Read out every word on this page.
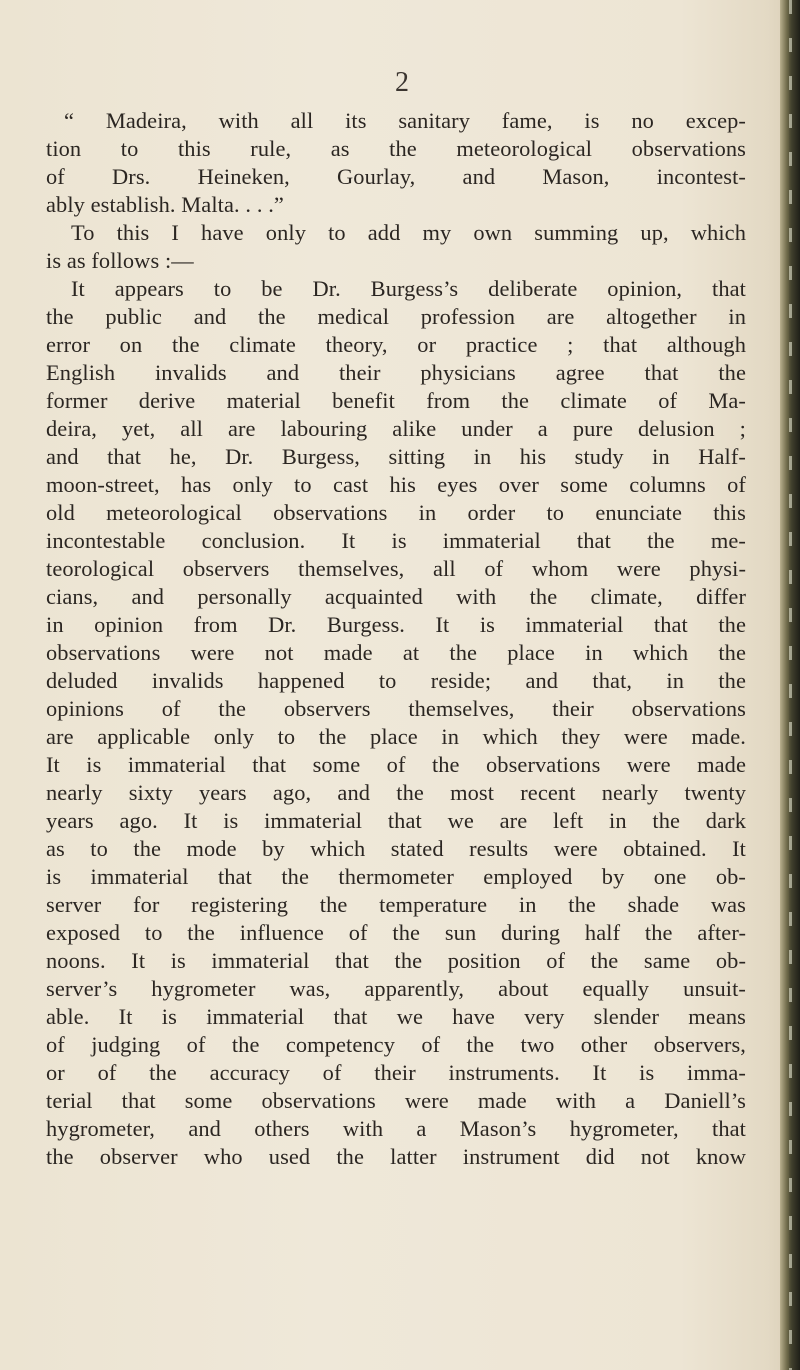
2
“ Madeira, with all its sanitary fame, is no excep-
tion to this rule, as the meteorological observations
of Drs. Heineken, Gourlay, and Mason, incontest-
ably establish. Malta. . . .”
To this I have only to add my own summing up, which
is as follows :—
It appears to be Dr. Burgess’s deliberate opinion, that
the public and the medical profession are altogether in
error on the climate theory, or practice ; that although
English invalids and their physicians agree that the
former derive material benefit from the climate of Ma-
deira, yet, all are labouring alike under a pure delusion ;
and that he, Dr. Burgess, sitting in his study in Half-
moon-street, has only to cast his eyes over some columns of
old meteorological observations in order to enunciate this
incontestable conclusion. It is immaterial that the me-
teorological observers themselves, all of whom were physi-
cians, and personally acquainted with the climate, differ
in opinion from Dr. Burgess. It is immaterial that the
observations were not made at the place in which the
deluded invalids happened to reside; and that, in the
opinions of the observers themselves, their observations
are applicable only to the place in which they were made.
It is immaterial that some of the observations were made
nearly sixty years ago, and the most recent nearly twenty
years ago. It is immaterial that we are left in the dark
as to the mode by which stated results were obtained. It
is immaterial that the thermometer employed by one ob-
server for registering the temperature in the shade was
exposed to the influence of the sun during half the after-
noons. It is immaterial that the position of the same ob-
server’s hygrometer was, apparently, about equally unsuit-
able. It is immaterial that we have very slender means
of judging of the competency of the two other observers,
or of the accuracy of their instruments. It is imma-
terial that some observations were made with a Daniell’s
hygrometer, and others with a Mason’s hygrometer, that
the observer who used the latter instrument did not know
